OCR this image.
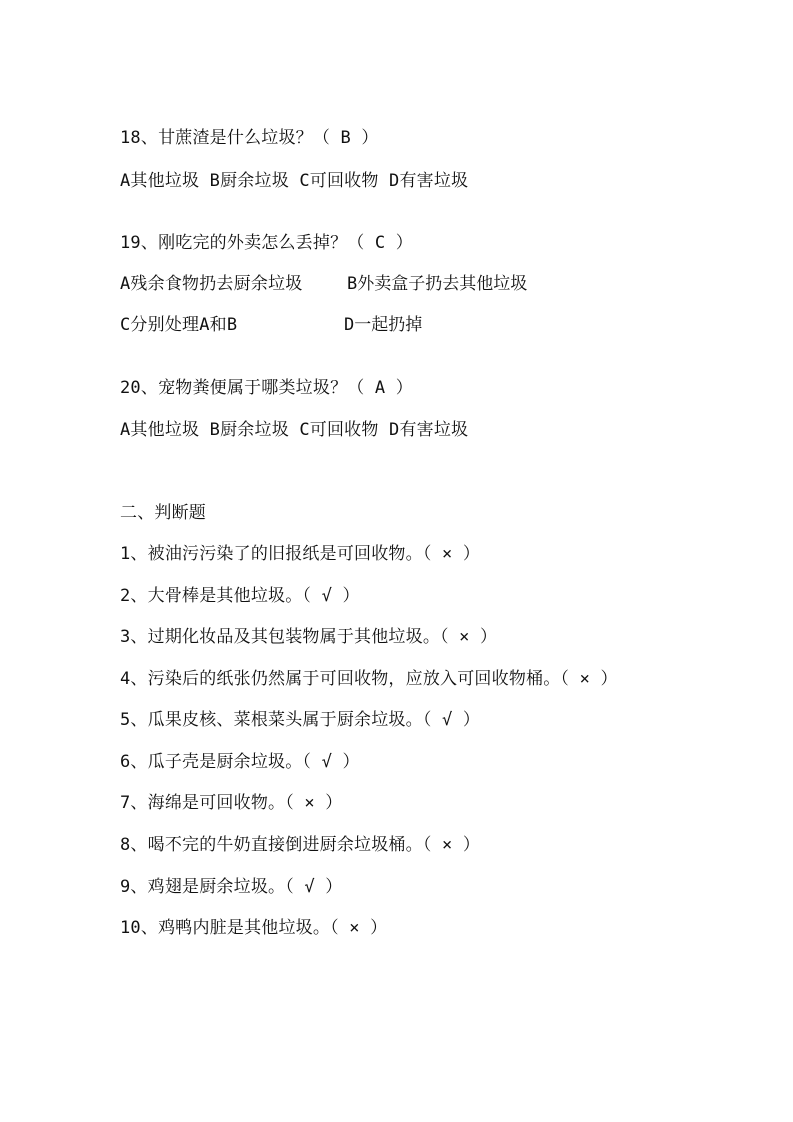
18、甘蔗渣是什么垃圾？（ B ）
A其他垃圾 B厨余垃圾 C可回收物 D有害垃圾
19、刚吃完的外卖怎么丢掉？（ C ）
A残余食物扔去厨余垃圾	B外卖盒子扔去其他垃圾
C分别处理A和B	D一起扔掉
20、宠物粪便属于哪类垃圾？（ A ）
A其他垃圾 B厨余垃圾 C可回收物 D有害垃圾
二、判断题
1、被油污污染了的旧报纸是可回收物。（ × ）
2、大骨棒是其他垃圾。（ √ ）
3、过期化妆品及其包装物属于其他垃圾。（ × ）
4、污染后的纸张仍然属于可回收物，应放入可回收物桶。（ × ）
5、瓜果皮核、菜根菜头属于厨余垃圾。（ √ ）
6、瓜子壳是厨余垃圾。（ √ ）
7、海绵是可回收物。（ × ）
8、喝不完的牛奶直接倒进厨余垃圾桶。（ × ）
9、鸡翅是厨余垃圾。（ √ ）
10、鸡鸭内脏是其他垃圾。（ × ）
